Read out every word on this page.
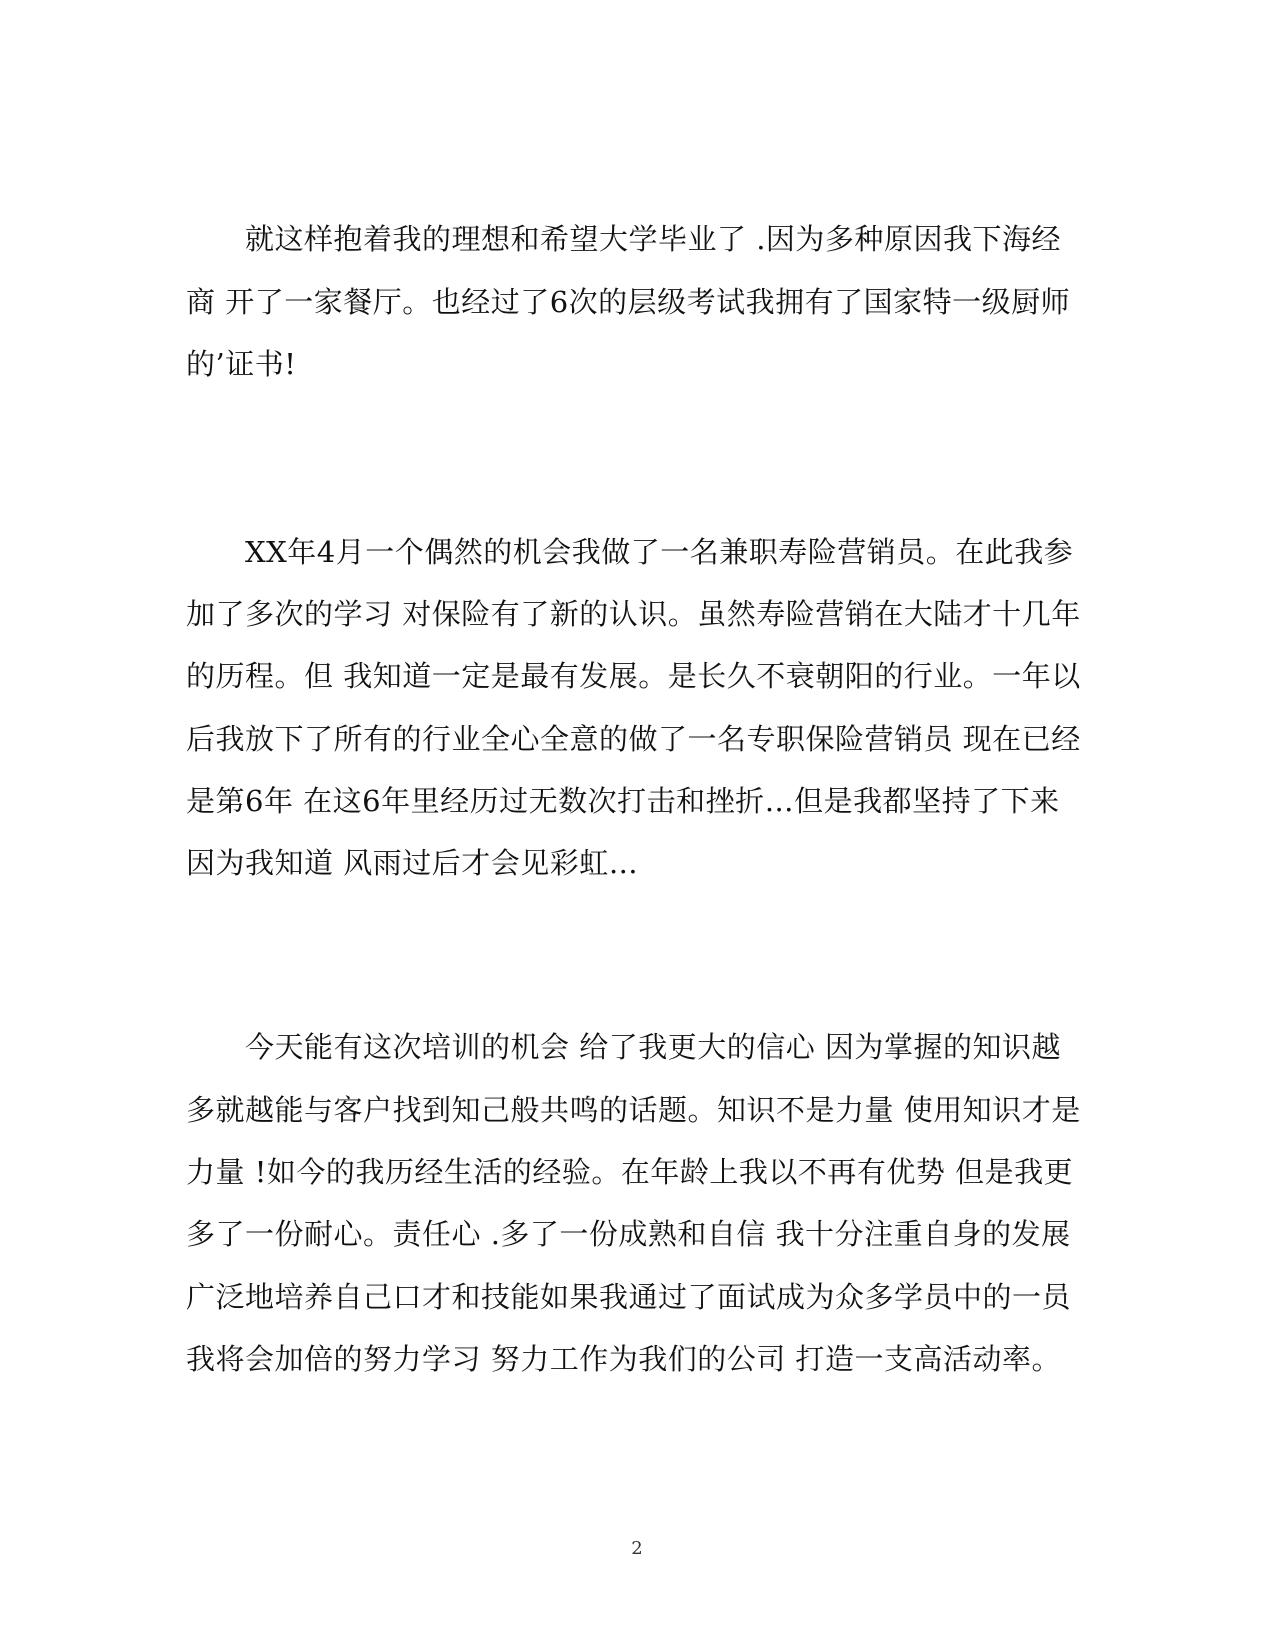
就这样抱着我的理想和希望大学毕业了 .因为多种原因我下海经
商 开了一家餐厅。也经过了6次的层级考试我拥有了国家特一级厨师
的’证书!
XX年4月一个偶然的机会我做了一名兼职寿险营销员。在此我参
加了多次的学习 对保险有了新的认识。虽然寿险营销在大陆才十几年
的历程。但 我知道一定是最有发展。是长久不衰朝阳的行业。一年以
后我放下了所有的行业全心全意的做了一名专职保险营销员 现在已经
是第6年 在这6年里经历过无数次打击和挫折…但是我都坚持了下来
因为我知道 风雨过后才会见彩虹…
今天能有这次培训的机会 给了我更大的信心 因为掌握的知识越
多就越能与客户找到知己般共鸣的话题。知识不是力量 使用知识才是
力量 !如今的我历经生活的经验。在年龄上我以不再有优势 但是我更
多了一份耐心。责任心 .多了一份成熟和自信 我十分注重自身的发展
广泛地培养自己口才和技能如果我通过了面试成为众多学员中的一员
我将会加倍的努力学习 努力工作为我们的公司 打造一支高活动率。
2
